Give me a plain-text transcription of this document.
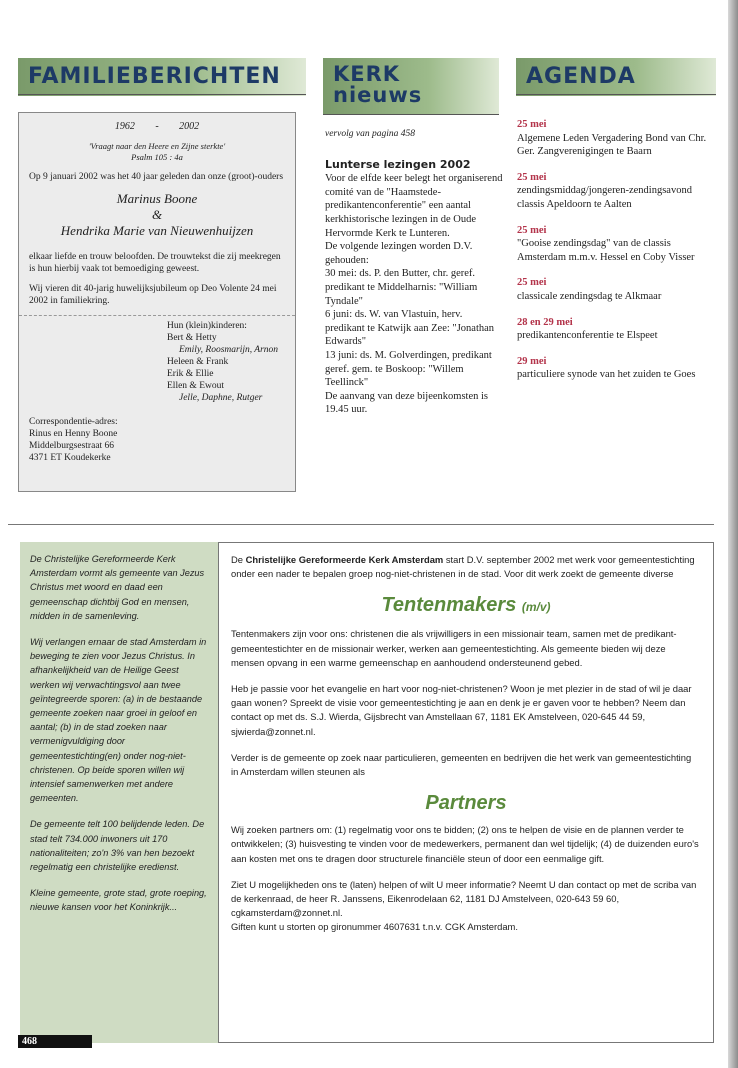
FAMILIEBERICHTEN	KERK
nieuws
AGENDA
1962 - 2002
'Vraagt naar den Heere en Zijne sterkte'
Psalm 105 : 4a

Op 9 januari 2002 was het 40 jaar geleden dan onze (groot)-ouders

Marinus Boone
&
Hendrika Marie van Nieuwenhuijzen

elkaar liefde en trouw beloofden. De trouwtekst die zij meekregen is hun hierbij vaak tot bemoediging geweest.

Wij vieren dit 40-jarig huwelijksjubileum op Deo Volente 24 mei 2002 in familiekring.

Hun (klein)kinderen:
Bert & Hetty
Emily, Roosmarijn, Arnon
Heleen & Frank
Erik & Ellie
Ellen & Ewout
Jelle, Daphne, Rutger
Correspondentie-adres:
Rinus en Henny Boone
Middelburgsestraat 66
4371 ET Koudekerke
vervolg van pagina 458
Lunterse lezingen 2002
Voor de elfde keer belegt het organiserend comité van de "Haamstede-predikantenconferentie" een aantal kerkhistorische lezingen in de Oude Hervormde Kerk te Lunteren.
De volgende lezingen worden D.V. gehouden:
30 mei: ds. P. den Butter, chr. geref. predikant te Middelharnis: "William Tyndale"
6 juni: ds. W. van Vlastuin, herv. predikant te Katwijk aan Zee: "Jonathan Edwards"
13 juni: ds. M. Golverdingen, predikant geref. gem. te Boskoop: "Willem Teellinck"
De aanvang van deze bijeenkomsten is 19.45 uur.
25 mei
Algemene Leden Vergadering Bond van Chr. Ger. Zangverenigingen te Baarn
25 mei
zendingsmiddag/jongeren-zendingsavond classis Apeldoorn te Aalten
25 mei
"Gooise zendingsdag" van de classis Amsterdam m.m.v. Hessel en Coby Visser
25 mei
classicale zendingsdag te Alkmaar
28 en 29 mei
predikantenconferentie te Elspeet
29 mei
particuliere synode van het zuiden te Goes

De Christelijke Gereformeerde Kerk Amsterdam vormt als gemeente van Jezus Christus met woord en daad een gemeenschap dichtbij God en mensen, midden in de samenleving.

Wij verlangen ernaar de stad Amsterdam in beweging te zien voor Jezus Christus. In afhankelijkheid van de Heilige Geest werken wij verwachtingsvol aan twee geïntegreerde sporen: (a) in de bestaande gemeente zoeken naar groei in geloof en aantal; (b) in de stad zoeken naar vermenigvuldiging door gemeentestichting(en) onder nog-niet-christenen. Op beide sporen willen wij intensief samenwerken met andere gemeenten.

De gemeente telt 100 belijdende leden. De stad telt 734.000 inwoners uit 170 nationaliteiten; zo'n 3% van hen bezoekt regelmatig een christelijke eredienst.

Kleine gemeente, grote stad, grote roeping, nieuwe kansen voor het Koninkrijk...

De Christelijke Gereformeerde Kerk Amsterdam start D.V. september 2002 met werk voor gemeentestichting onder een nader te bepalen groep nog-niet-christenen in de stad. Voor dit werk zoekt de gemeente diverse

Tentenmakers (m/v)

Tentenmakers zijn voor ons: christenen die als vrijwilligers in een missionair team, samen met de predikant-gemeentestichter en de missionair werker, werken aan gemeentestichting. Als gemeente bieden wij deze mensen opvang in een warme gemeenschap en aanhoudend ondersteunend gebed.

Heb je passie voor het evangelie en hart voor nog-niet-christenen? Woon je met plezier in de stad of wil je daar gaan wonen? Spreekt de visie voor gemeentestichting je aan en denk je er gaven voor te hebben? Neem dan contact op met ds. S.J. Wierda, Gijsbrecht van Amstellaan 67, 1181 EK Amstelveen, 020-645 44 59, sjwierda@zonnet.nl.

Verder is de gemeente op zoek naar particulieren, gemeenten en bedrijven die het werk van gemeentestichting in Amsterdam willen steunen als

Partners

Wij zoeken partners om: (1) regelmatig voor ons te bidden; (2) ons te helpen de visie en de plannen verder te ontwikkelen; (3) huisvesting te vinden voor de medewerkers, permanent dan wel tijdelijk; (4) de duizenden euro's aan kosten met ons te dragen door structurele financiële steun of door een eenmalige gift.

Ziet U mogelijkheden ons te (laten) helpen of wilt U meer informatie? Neemt U dan contact op met de scriba van de kerkenraad, de heer R. Janssens, Eikenrodelaan 62, 1181 DJ Amstelveen, 020-643 59 60, cgkamsterdam@zonnet.nl.

Giften kunt u storten op gironummer 4607631 t.n.v. CGK Amsterdam.

468
